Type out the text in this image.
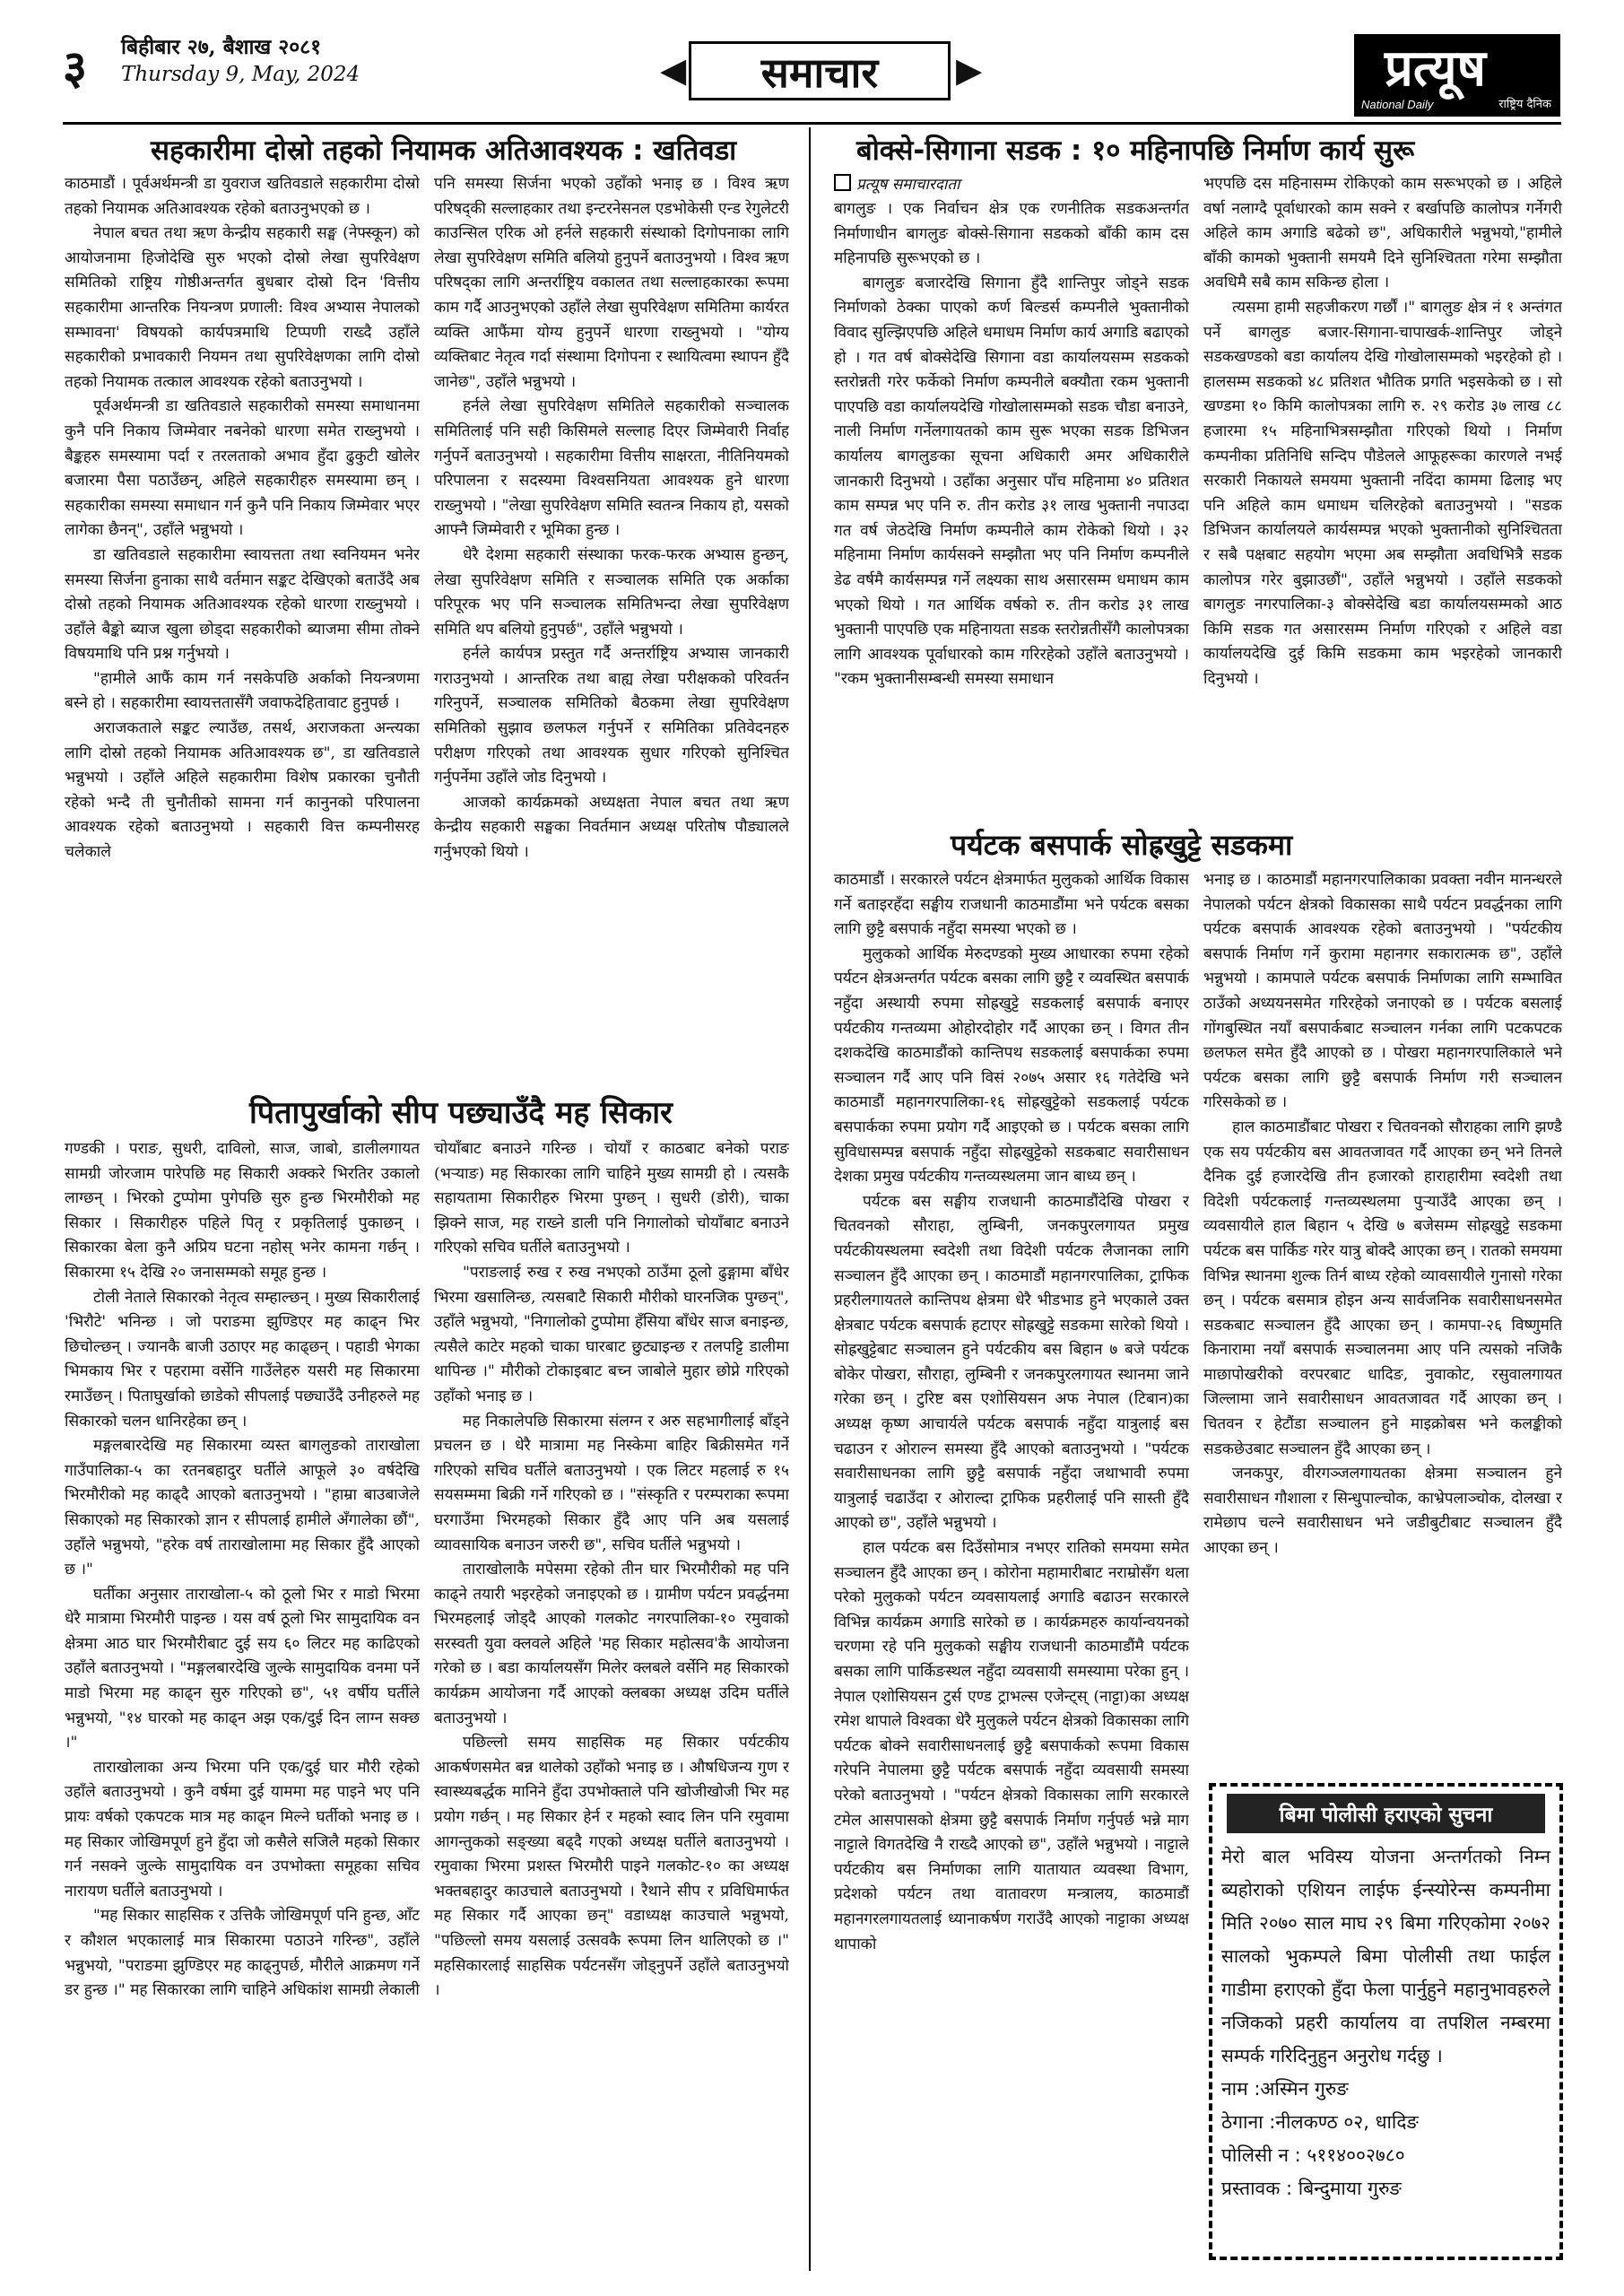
३ बिहीबार २७, बैशाख २०८१
Thursday 9, May, 2024	◀	समाचार	▶	प्रत्यूष
National Daily	राष्ट्रिय दैनिक
सहकारीमा दोस्रो तहको नियामक अतिआवश्यक : खतिवडा

काठमाडौं । पूर्वअर्थमन्त्री डा युवराज खतिवडाले सहकारीमा दोस्रो तहको नियामक अतिआवश्यक रहेको बताउनुभएको छ ।

नेपाल बचत तथा ऋण केन्द्रीय सहकारी सङ्घ (नेफ्स्कून) को आयोजनामा हिजोदेखि सुरु भएको दोस्रो लेखा सुपरिवेक्षण समितिको राष्ट्रिय गोष्ठीअन्तर्गत बुधबार दोस्रो दिन 'वित्तीय सहकारीमा आन्तरिक नियन्त्रण प्रणाली: विश्व अभ्यास नेपालको सम्भावना' विषयको कार्यपत्रमाथि टिप्पणी राख्दै उहाँले सहकारीको प्रभावकारी नियमन तथा सुपरिवेक्षणका लागि दोस्रो तहको नियामक तत्काल आवश्यक रहेको बताउनुभयो ।

पूर्वअर्थमन्त्री डा खतिवडाले सहकारीको समस्या समाधानमा कुनै पनि निकाय जिम्मेवार नबनेको धारणा समेत राख्नुभयो । बैङ्कहरु समस्यामा पर्दा र तरलताको अभाव हुँदा ढुकुटी खोलेर बजारमा पैसा पठाउँछन्, अहिले सहकारीहरु समस्यामा छन् । सहकारीका समस्या समाधान गर्न कुनै पनि निकाय जिम्मेवार भएर लागेका छैनन्", उहाँले भन्नुभयो ।

डा खतिवडाले सहकारीमा स्वायत्तता तथा स्वनियमन भनेर समस्या सिर्जना हुनाका साथै वर्तमान सङ्कट देखिएको बताउँदै अब दोस्रो तहको नियामक अतिआवश्यक रहेको धारणा राख्नुभयो । उहाँले बैङ्को ब्याज खुला छोड्दा सहकारीको ब्याजमा सीमा तोक्ने विषयमाथि पनि प्रश्न गर्नुभयो ।

"हामीले आफैं काम गर्न नसकेपछि अर्काको नियन्त्रणमा बस्ने हो । सहकारीमा स्वायत्ततासँगै जवाफदेहितावाट हुनुपर्छ ।

अराजकताले सङ्कट ल्याउँछ, तसर्थ, अराजकता अन्त्यका लागि दोस्रो तहको नियामक अतिआवश्यक छ", डा खतिवडाले भन्नुभयो । उहाँले अहिले सहकारीमा विशेष प्रकारका चुनौती रहेको भन्दै ती चुनौतीको सामना गर्न कानुनको परिपालना आवश्यक रहेको बताउनुभयो । सहकारी वित्त कम्पनीसरह चलेकाले

पनि समस्या सिर्जना भएको उहाँको भनाइ छ । विश्व ऋण परिषद्की सल्लाहकार तथा इन्टरनेसनल एडभोकेसी एन्ड रेगुलेटरी काउन्सिल एरिक ओ हर्नले सहकारी संस्थाको दिगोपनाका लागि लेखा सुपरिवेक्षण समिति बलियो हुनुपर्ने बताउनुभयो । विश्व ऋण परिषद्का लागि अन्तर्राष्ट्रिय वकालत तथा सल्लाहकारका रूपमा काम गर्दै आउनुभएको उहाँले लेखा सुपरिवेक्षण समितिमा कार्यरत व्यक्ति आफैंमा योग्य हुनुपर्ने धारणा राख्नुभयो । "योग्य व्यक्तिबाट नेतृत्व गर्दा संस्थामा दिगोपना र स्थायित्वमा स्थापन हुँदै जानेछ", उहाँले भन्नुभयो ।

हर्नले लेखा सुपरिवेक्षण समितिले सहकारीको सञ्चालक समितिलाई पनि सही किसिमले सल्लाह दिएर जिम्मेवारी निर्वाह गर्नुपर्ने बताउनुभयो । सहकारीमा वित्तीय साक्षरता, नीतिनियमको परिपालना र सदस्यमा विश्वसनियता आवश्यक हुने धारणा राख्नुभयो । "लेखा सुपरिवेक्षण समिति स्वतन्त्र निकाय हो, यसको आफ्नै जिम्मेवारी र भूमिका हुन्छ ।

धेरै देशमा सहकारी संस्थाका फरक-फरक अभ्यास हुन्छन्, लेखा सुपरिवेक्षण समिति र सञ्चालक समिति एक अर्काका परिपूरक भए पनि सञ्चालक समितिभन्दा लेखा सुपरिवेक्षण समिति थप बलियो हुनुपर्छ", उहाँले भन्नुभयो ।

हर्नले कार्यपत्र प्रस्तुत गर्दै अन्तर्राष्ट्रिय अभ्यास जानकारी गराउनुभयो । आन्तरिक तथा बाह्य लेखा परीक्षकको परिवर्तन गरिनुपर्ने, सञ्चालक समितिको बैठकमा लेखा सुपरिवेक्षण समितिको सुझाव छलफल गर्नुपर्ने र समितिका प्रतिवेदनहरु परीक्षण गरिएको तथा आवश्यक सुधार गरिएको सुनिश्चित गर्नुपर्नेमा उहाँले जोड दिनुभयो ।

आजको कार्यक्रमको अध्यक्षता नेपाल बचत तथा ऋण केन्द्रीय सहकारी सङ्घका निवर्तमान अध्यक्ष परितोष पौड्यालले गर्नुभएको थियो ।

बोक्से-सिगाना सडक : १० महिनापछि निर्माण कार्य सुरू
प्रत्यूष समाचारदाता

बागलुङ । एक निर्वाचन क्षेत्र एक रणनीतिक सडकअन्तर्गत निर्माणाधीन बागलुङ बोक्से-सिगाना सडकको बाँकी काम दस महिनापछि सुरूभएको छ ।

बागलुङ बजारदेखि सिगाना हुँदै शान्तिपुर जोड्ने सडक निर्माणको ठेक्का पाएको कर्ण बिल्डर्स कम्पनीले भुक्तानीको विवाद सुल्झिएपछि अहिले धमाधम निर्माण कार्य अगाडि बढाएको हो । गत वर्ष बोक्सेदेखि सिगाना वडा कार्यालयसम्म सडकको स्तरोन्नती गरेर फर्केको निर्माण कम्पनीले बक्यौता रकम भुक्तानी पाएपछि वडा कार्यालयदेखि गोखोलासम्मको सडक चौडा बनाउने, नाली निर्माण गर्नेलगायतको काम सुरू भएका सडक डिभिजन कार्यालय बागलुङका सूचना अधिकारी अमर अधिकारीले जानकारी दिनुभयो । उहाँका अनुसार पाँच महिनामा ४० प्रतिशत काम सम्पन्न भए पनि रु. तीन करोड ३१ लाख भुक्तानी नपाउदा गत वर्ष जेठदेखि निर्माण कम्पनीले काम रोकेको थियो । ३२ महिनामा निर्माण कार्यसक्ने सम्झौता भए पनि निर्माण कम्पनीले डेढ वर्षमै कार्यसम्पन्न गर्ने लक्ष्यका साथ असारसम्म धमाधम काम भएको थियो । गत आर्थिक वर्षको रु. तीन करोड ३१ लाख भुक्तानी पाएपछि एक महिनायता सडक स्तरोन्नतीसँगै कालोपत्रका लागि आवश्यक पूर्वाधारको काम गरिरहेको उहाँले बताउनुभयो । "रकम भुक्तानीसम्बन्धी समस्या समाधान

भएपछि दस महिनासम्म रोकिएको काम सरूभएको छ । अहिले वर्षा नलाग्दै पूर्वाधारको काम सक्ने र बर्खापछि कालोपत्र गर्नेगरी अहिले काम अगाडि बढेको छ", अधिकारीले भन्नुभयो,"हामीले बाँकी कामको भुक्तानी समयमै दिने सुनिश्चितता गरेमा सम्झौता अवधिमै सबै काम सकिन्छ होला ।

त्यसमा हामी सहजीकरण गर्छौं ।" बागलुङ क्षेत्र नं १ अन्तंगत पर्ने बागलुङ बजार-सिगाना-चापाखर्क-शान्तिपुर जोड्ने सडकखण्डको बडा कार्यालय देखि गोखोलासम्मको भइरहेको हो । हालसम्म सडकको ४८ प्रतिशत भौतिक प्रगति भइसकेको छ । सो खण्डमा १० किमि कालोपत्रका लागि रु. २९ करोड ३७ लाख ८८ हजारमा १५ महिनाभित्रसम्झौता गरिएको थियो । निर्माण कम्पनीका प्रतिनिधि सन्दिप पौडेलले आफूहरूका कारणले नभई सरकारी निकायले समयमा भुक्तानी नदिंदा काममा ढिलाइ भए पनि अहिले काम धमाधम चलिरहेको बताउनुभयो । "सडक डिभिजन कार्यालयले कार्यसम्पन्न भएको भुक्तानीको सुनिश्चितता र सबै पक्षबाट सहयोग भएमा अब सम्झौता अवधिभित्रै सडक कालोपत्र गरेर बुझाउछौं", उहाँले भन्नुभयो । उहाँले सडकको बागलुङ नगरपालिका-३ बोक्सेदेखि बडा कार्यालयसम्मको आठ किमि सडक गत असारसम्म निर्माण गरिएको र अहिले वडा कार्यालयदेखि दुई किमि सडकमा काम भइरहेको जानकारी दिनुभयो ।

पर्यटक बसपार्क सोह्रखुट्टे सडकमा

काठमाडौं । सरकारले पर्यटन क्षेत्रमार्फत मुलुकको आर्थिक विकास गर्ने बताइरहँदा सङ्घीय राजधानी काठमाडौंमा भने पर्यटक बसका लागि छुट्टै बसपार्क नहुँदा समस्या भएको छ ।

मुलुकको आर्थिक मेरुदण्डको मुख्य आधारका रुपमा रहेको पर्यटन क्षेत्रअन्तर्गत पर्यटक बसका लागि छुट्टै र व्यवस्थित बसपार्क नहुँदा अस्थायी रुपमा सोह्रखुट्टे सडकलाई बसपार्क बनाएर पर्यटकीय गन्तव्यमा ओहोरदोहोर गर्दै आएका छन् । विगत तीन दशकदेखि काठमाडौंको कान्तिपथ सडकलाई बसपार्कका रुपमा सञ्चालन गर्दै आए पनि विसं २०७५ असार १६ गतेदेखि भने काठमाडौं महानगरपालिका-१६ सोह्रखुट्टेको सडकलाई पर्यटक बसपार्कका रुपमा प्रयोग गर्दै आइएको छ । पर्यटक बसका लागि सुविधासम्पन्न बसपार्क नहुँदा सोह्रखुट्टेको सडकबाट सवारीसाधन देशका प्रमुख पर्यटकीय गन्तव्यस्थलमा जान बाध्य छन् ।

पर्यटक बस सङ्घीय राजधानी काठमाडौंदेखि पोखरा र चितवनको सौराहा, लुम्बिनी, जनकपुरलगायत प्रमुख पर्यटकीयस्थलमा स्वदेशी तथा विदेशी पर्यटक लैजानका लागि सञ्चालन हुँदै आएका छन् । काठमाडौं महानगरपालिका, ट्राफिक प्रहरीलगायतले कान्तिपथ क्षेत्रमा धेरै भीडभाड हुने भएकाले उक्त क्षेत्रबाट पर्यटक बसपार्क हटाएर सोह्रखुट्टे सडकमा सारेको थियो । सोह्रखुट्टेबाट सञ्चालन हुने पर्यटकीय बस बिहान ७ बजे पर्यटक बोकेर पोखरा, सौराहा, लुम्बिनी र जनकपुरलगायत स्थानमा जाने गरेका छन् । टुरिष्ट बस एशोसियसन अफ नेपाल (टिबान)का अध्यक्ष कृष्ण आचार्यले पर्यटक बसपार्क नहुँदा यात्रुलाई बस चढाउन र ओराल्न समस्या हुँदै आएको बताउनुभयो । "पर्यटक सवारीसाधनका लागि छुट्टै बसपार्क नहुँदा जथाभावी रुपमा यात्रुलाई चढाउँदा र ओराल्दा ट्राफिक प्रहरीलाई पनि सास्ती हुँदै आएको छ", उहाँले भन्नुभयो ।

हाल पर्यटक बस दिउँसोमात्र नभएर रातिको समयमा समेत सञ्चालन हुँदै आएका छन् । कोरोना महामारीबाट नराम्रोसँग थला परेको मुलुकको पर्यटन व्यवसायलाई अगाडि बढाउन सरकारले विभिन्न कार्यक्रम अगाडि सारेको छ । कार्यक्रमहरु कार्यान्वयनको चरणमा रहे पनि मुलुकको सङ्घीय राजधानी काठमाडौंमै पर्यटक बसका लागि पार्किङस्थल नहुँदा व्यवसायी समस्यामा परेका हुन् । नेपाल एशोसियसन टुर्स एण्ड ट्राभल्स एजेन्ट्स् (नाट्टा)का अध्यक्ष रमेश थापाले विश्वका धेरै मुलुकले पर्यटन क्षेत्रको विकासका लागि पर्यटक बोक्ने सवारीसाधनलाई छुट्टै बसपार्कको रूपमा विकास गरेपनि नेपालमा छुट्टै पर्यटक बसपार्क नहुँदा व्यवसायी समस्या परेको बताउनुभयो । "पर्यटन क्षेत्रको विकासका लागि सरकारले टमेल आसपासको क्षेत्रमा छुट्टै बसपार्क निर्माण गर्नुपर्छ भन्ने माग नाट्टाले विगतदेखि नै राख्दै आएको छ", उहाँले भन्नुभयो । नाट्टाले पर्यटकीय बस निर्माणका लागि यातायात व्यवस्था विभाग, प्रदेशको पर्यटन तथा वातावरण मन्त्रालय, काठमाडौं महानगरलगायतलाई ध्यानाकर्षण गराउँदै आएको नाट्टाका अध्यक्ष थापाको

भनाइ छ । काठमाडौं महानगरपालिकाका प्रवक्ता नवीन मानन्धरले नेपालको पर्यटन क्षेत्रको विकासका साथै पर्यटन प्रवर्द्धनका लागि पर्यटक बसपार्क आवश्यक रहेको बताउनुभयो । "पर्यटकीय बसपार्क निर्माण गर्ने कुरामा महानगर सकारात्मक छ", उहाँले भन्नुभयो । कामपाले पर्यटक बसपार्क निर्माणका लागि सम्भावित ठाउँको अध्ययनसमेत गरिरहेको जनाएको छ । पर्यटक बसलाई गोंगबुस्थित नयाँ बसपार्कबाट सञ्चालन गर्नका लागि पटकपटक छलफल समेत हुँदै आएको छ । पोखरा महानगरपालिकाले भने पर्यटक बसका लागि छुट्टै बसपार्क निर्माण गरी सञ्चालन गरिसकेको छ ।

हाल काठमाडौंबाट पोखरा र चितवनको सौराहका लागि झण्डै एक सय पर्यटकीय बस आवतजावत गर्दै आएका छन् भने तिनले दैनिक दुई हजारदेखि तीन हजारको हाराहारीमा स्वदेशी तथा विदेशी पर्यटकलाई गन्तव्यस्थलमा पुऱ्याउँदै आएका छन् । व्यवसायीले हाल बिहान ५ देखि ७ बजेसम्म सोह्रखुट्टे सडकमा पर्यटक बस पार्किङ गरेर यात्रु बोक्दै आएका छन् । रातको समयमा विभिन्न स्थानमा शुल्क तिर्न बाध्य रहेको व्यावसायीले गुनासो गरेका छन् । पर्यटक बसमात्र होइन अन्य सार्वजनिक सवारीसाधनसमेत सडकबाट सञ्चालन हुँदै आएका छन् । कामपा-२६ विष्णुमति किनारामा नयाँ बसपार्क सञ्चालनमा आए पनि त्यसको नजिकै माछापोखरीको वरपरबाट धादिङ, नुवाकोट, रसुवालगायत जिल्लामा जाने सवारीसाधन आवतजावत गर्दै आएका छन् । चितवन र हेटौंडा सञ्चालन हुने माइक्रोबस भने कलङ्कीको सडकछेउबाट सञ्चालन हुँदै आएका छन् ।

जनकपुर, वीरगञ्जलगायतका क्षेत्रमा सञ्चालन हुने सवारीसाधन गौशाला र सिन्धुपाल्चोक, काभ्रेपलाञ्चोक, दोलखा र रामेछाप चल्ने सवारीसाधन भने जडीबुटीबाट सञ्चालन हुँदै आएका छन् ।

पितापुर्खाको सीप पछ्याउँदै मह सिकार

गण्डकी । पराङ, सुधरी, दाविलो, साज, जाबो, डालीलगायत सामग्री जोरजाम पारेपछि मह सिकारी अक्करे भिरतिर उकालो लाग्छन् । भिरको टुप्पोमा पुगेपछि सुरु हुन्छ भिरमौरीको मह सिकार । सिकारीहरु पहिले पितृ र प्रकृतिलाई पुकाछन् । सिकारका बेला कुनै अप्रिय घटना नहोस् भनेर कामना गर्छन् । सिकारमा १५ देखि २० जनासम्मको समूह हुन्छ ।

टोली नेताले सिकारको नेतृत्व सम्हाल्छन् । मुख्य सिकारीलाई 'भिरौटे' भनिन्छ । जो पराङमा झुण्डिएर मह काढ्न भिर छिचोल्छन् । ज्यानकै बाजी उठाएर मह काढ्छन् । पहाडी भेगका भिमकाय भिर र पहरामा वर्सेनि गाउँलेहरु यसरी मह सिकारमा रमाउँछन् । पिताघुर्खाको छाडेको सीपलाई पछ्याउँदै उनीहरुले मह सिकारको चलन धानिरहेका छन् ।

मङ्गलबारदेखि मह सिकारमा व्यस्त बागलुङको ताराखोला गाउँपालिका-५ का रतनबहादुर घर्तीले आफूले ३० वर्षदेखि भिरमौरीको मह काढ्दै आएको बताउनुभयो । "हाम्रा बाउबाजेले सिकाएको मह सिकारको ज्ञान र सीपलाई हामीले अँगालेका छौं", उहाँले भन्नुभयो, "हरेक वर्ष ताराखोलामा मह सिकार हुँदै आएको छ ।"

घर्तीका अनुसार ताराखोला-५ को ठूलो भिर र माडो भिरमा धेरै मात्रामा भिरमौरी पाइन्छ । यस वर्ष ठूलो भिर सामुदायिक वन क्षेत्रमा आठ घार भिरमौरीबाट दुई सय ६० लिटर मह काढिएको उहाँले बताउनुभयो । "मङ्गलबारदेखि जुल्के सामुदायिक वनमा पर्ने माडो भिरमा मह काढ्न सुरु गरिएको छ", ५१ वर्षीय घर्तीले भन्नुभयो, "१४ घारको मह काढ्न अझ एक/दुई दिन लाग्न सक्छ ।"

ताराखोलाका अन्य भिरमा पनि एक/दुई घार मौरी रहेको उहाँले बताउनुभयो । कुनै वर्षमा दुई याममा मह पाइने भए पनि प्रायः वर्षको एकपटक मात्र मह काढ्न मिल्ने घर्तीको भनाइ छ । मह सिकार जोखिमपूर्ण हुने हुँदा जो कसैले सजिलै महको सिकार गर्न नसक्ने जुल्के सामुदायिक वन उपभोक्ता समूहका सचिव नारायण घर्तीले बताउनुभयो ।

"मह सिकार साहसिक र उत्तिकै जोखिमपूर्ण पनि हुन्छ, आँट र कौशल भएकालाई मात्र सिकारमा पठाउने गरिन्छ", उहाँले भन्नुभयो, "पराङमा झुण्डिएर मह काढ्नुपर्छ, मौरीले आक्रमण गर्ने डर हुन्छ ।" मह सिकारका लागि चाहिने अधिकांश सामग्री लेकाली

चोयाँबाट बनाउने गरिन्छ । चोयाँ र काठबाट बनेको पराङ (भऱ्याङ) मह सिकारका लागि चाहिने मुख्य सामग्री हो । त्यसकै सहायतामा सिकारीहरु भिरमा पुग्छन् । सुधरी (डोरी), चाका झिक्ने साज, मह राख्ने डाली पनि निगालोको चोयाँबाट बनाउने गरिएको सचिव घर्तीले बताउनुभयो ।

"पराङलाई रुख र रुख नभएको ठाउँमा ठूलो ढुङ्गामा बाँधेर भिरमा खसालिन्छ, त्यसबाटै सिकारी मौरीको घारनजिक पुग्छन्", उहाँले भन्नुभयो, "निगालोको टुप्पोमा हँसिया बाँधेर साज बनाइन्छ, त्यसैले काटेर महको चाका घारबाट छुट्याइन्छ र तलपट्टि डालीमा थापिन्छ ।" मौरीको टोकाइबाट बच्न जाबोले मुहार छोप्ने गरिएको उहाँको भनाइ छ ।

मह निकालेपछि सिकारमा संलग्न र अरु सहभागीलाई बाँड्ने प्रचलन छ । धेरै मात्रामा मह निस्केमा बाहिर बिक्रीसमेत गर्ने गरिएको सचिव घर्तीले बताउनुभयो । एक लिटर महलाई रु १५ सयसम्ममा बिक्री गर्ने गरिएको छ । "संस्कृति र परम्पराका रूपमा घरगाउँमा भिरमहको सिकार हुँदै आए पनि अब यसलाई व्यावसायिक बनाउन जरुरी छ", सचिव घर्तीले भन्नुभयो ।

ताराखोलाकै मपेसमा रहेको तीन घार भिरमौरीको मह पनि काढ्ने तयारी भइरहेको जनाइएको छ । ग्रामीण पर्यटन प्रवर्द्धनमा भिरमहलाई जोड्दै आएको गलकोट नगरपालिका-१० रमुवाको सरस्वती युवा क्लवले अहिले 'मह सिकार महोत्सव'कै आयोजना गरेको छ । बडा कार्यालयसँग मिलेर क्लबले वर्सेनि मह सिकारको कार्यक्रम आयोजना गर्दै आएको क्लबका अध्यक्ष उदिम घर्तीले बताउनुभयो ।

पछिल्लो समय साहसिक मह सिकार पर्यटकीय आकर्षणसमेत बन्न थालेको उहाँको भनाइ छ । औषधिजन्य गुण र स्वास्थ्यबर्द्धक मानिने हुँदा उपभोक्ताले पनि खोजीखोजी भिर मह प्रयोग गर्छन् । मह सिकार हेर्न र महको स्वाद लिन पनि रमुवामा आगन्तुकको सङ्ख्या बढ्दै गएको अध्यक्ष घर्तीले बताउनुभयो । रमुवाका भिरमा प्रशस्त भिरमौरी पाइने गलकोट-१० का अध्यक्ष भक्तबहादुर काउचाले बताउनुभयो । रैथाने सीप र प्रविधिमार्फत मह सिकार गर्दै आएका छन्" वडाध्यक्ष काउचाले भन्नुभयो, "पछिल्लो समय यसलाई उत्सवकै रूपमा लिन थालिएको छ ।" महसिकारलाई साहसिक पर्यटनसँग जोड्नुपर्ने उहाँले बताउनुभयो ।

बिमा पोलीसी हराएको सुचना
मेरो बाल भविस्य योजना अन्तर्गतको निम्न ब्यहोराको एशियन लाईफ ईन्स्योरेन्स कम्पनीमा मिति २०७० साल माघ २९ बिमा गरिएकोमा २०७२ सालको भुकम्पले बिमा पोलीसी तथा फाईल गाडीमा हराएको हुँदा फेला पार्नुहुने महानुभावहरुले नजिकको प्रहरी कार्यालय वा तपशिल नम्बरमा सम्पर्क गरिदिनुहुन अनुरोध गर्दछु ।
नाम :अस्मिन गुरुङ
ठेगाना :नीलकण्ठ ०२, धादिङ
पोलिसी न : ५११४००२७८०
प्रस्तावक : बिन्दुमाया गुरुङ
